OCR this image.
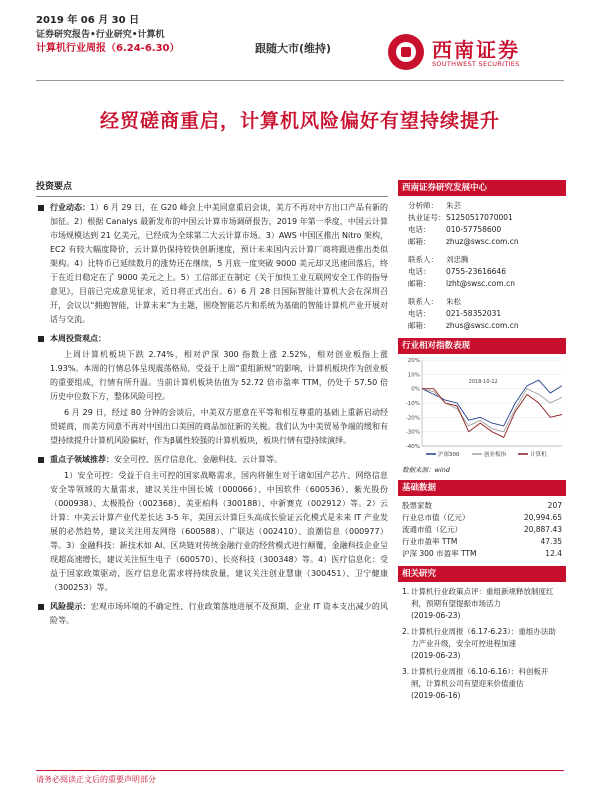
2019 年 06 月 30 日
证券研究报告•行业研究•计算机
计算机行业周报（6.24-6.30）	跟随大市(维持)	西南证券
SOUTHWEST SECURITIES
经贸磋商重启，计算机风险偏好有望持续提升
投资要点
行业动态：1）6 月 29 日，在 G20 峰会上中美同意重启会谈，美方不再对中方出口产品有新的加征。2）根据 Canalys 最新发布的中国云计算市场调研报告，2019 年第一季度，中国云计算市场规模达到 21 亿美元，已经成为全球第二大云计算市场。3）AWS 中国区推出 Nitro 架构，EC2 有较大幅度降价，云计算仍保持较快创新速度，预计未来国内云计算厂商将跟进推出类似架构。4）比特币已延续数月的涨势还在继续，5 月底一度突破 9000 美元却又迅速回落后，终于在近日稳定在了 9000 美元之上。5）工信部正在制定《关于加快工业互联网安全工作的指导意见》，目前已完成意见征求，近日将正式出台。6）6 月 28 日国际智能计算机大会在深圳召开，会议以“拥抱智能，计算未来”为主题，围绕智能芯片和系统为基础的智能计算机产业开展对话与交流。
本周投资观点：
上周计算机板块下跌 2.74%，相对沪深 300 指数上涨 2.52%，相对创业板指上涨 1.93%。本周的行情总体呈现震荡格局，受益于上周“重组新规”的影响，计算机板块作为创业板的重要组成，行情有所升温。当前计算机板块估值为 52.72 倍市盈率 TTM，仍处于 57.50 倍历史中位数下方，整体风险可控。
6 月 29 日，经过 80 分钟的会谈后，中美双方愿意在平等和相互尊重的基础上重新启动经贸磋商，而美方同意不再对中国出口美国的商品加征新的关税。我们认为中美贸易争端的缓和有望持续提升计算机风险偏好，作为β属性较强的计算机板块，板块行情有望持续演绎。
重点子领域推荐：安全可控、医疗信息化、金融科技、云计算等。
1）安全可控：受益于自主可控的国家战略需求，国内将催生对于诸如国产芯片、网络信息安全等领域的大量需求，建议关注中国长城（000066）、中国软件（600536）、紫光股份（000938）、太极股份（002368）、美亚柏科（300188）、中新赛克（002912）等。2）云计算：中美云计算产业代差长达 3-5 年，美国云计算巨头高成长验证云化模式是未来 IT 产业发展的必然趋势，建议关注用友网络（600588）、广联达（002410）、浪潮信息（000977）等。3）金融科技：新技术如 AI、区块链对传统金融行业的经营模式进行颠覆，金融科技企业呈现超高速增长，建议关注恒生电子（600570）、长亮科技（300348）等。4）医疗信息化：受益于国家政策驱动，医疗信息化需求将持续放量，建议关注创业慧康（300451）、卫宁健康（300253）等。
风险提示：宏观市场环境的不确定性、行业政策落地进展不及预期、企业 IT 资本支出减少的风险等。
西南证券研究发展中心
分析师： 朱芸
执业证号：S1250517070001
电话： 010-57758600
邮箱： zhuz@swsc.com.cn
联系人： 刘忠腾
电话： 0755-23616646
邮箱： lzht@swsc.com.cn
联系人： 朱松
电话： 021-58352031
邮箱： zhus@swsc.com.cn
行业相对指数表现
20%
10%
0%
-10%
-20%
-30%
-40%
2018-10-12
沪深300	创业板指	计算机
数据来源：wind
基础数据
股票家数	207
行业总市值（亿元）	20,994.65
流通市值（亿元）	20,887.43
行业市盈率 TTM	47.35
沪深 300 市盈率 TTM	12.4
相关研究
1. 计算机行业政策点评：重组新规释放制度红利，预期有望提振市场活力
(2019-06-23)
2. 计算机行业周报（6.17-6.23）：重组办法助力产业升级，安全可控进程加速
(2019-06-23)
3. 计算机行业周报（6.10-6.16）：科创板开闸，计算机公司有望迎来价值重估
(2019-06-16)
请务必阅读正文后的重要声明部分
